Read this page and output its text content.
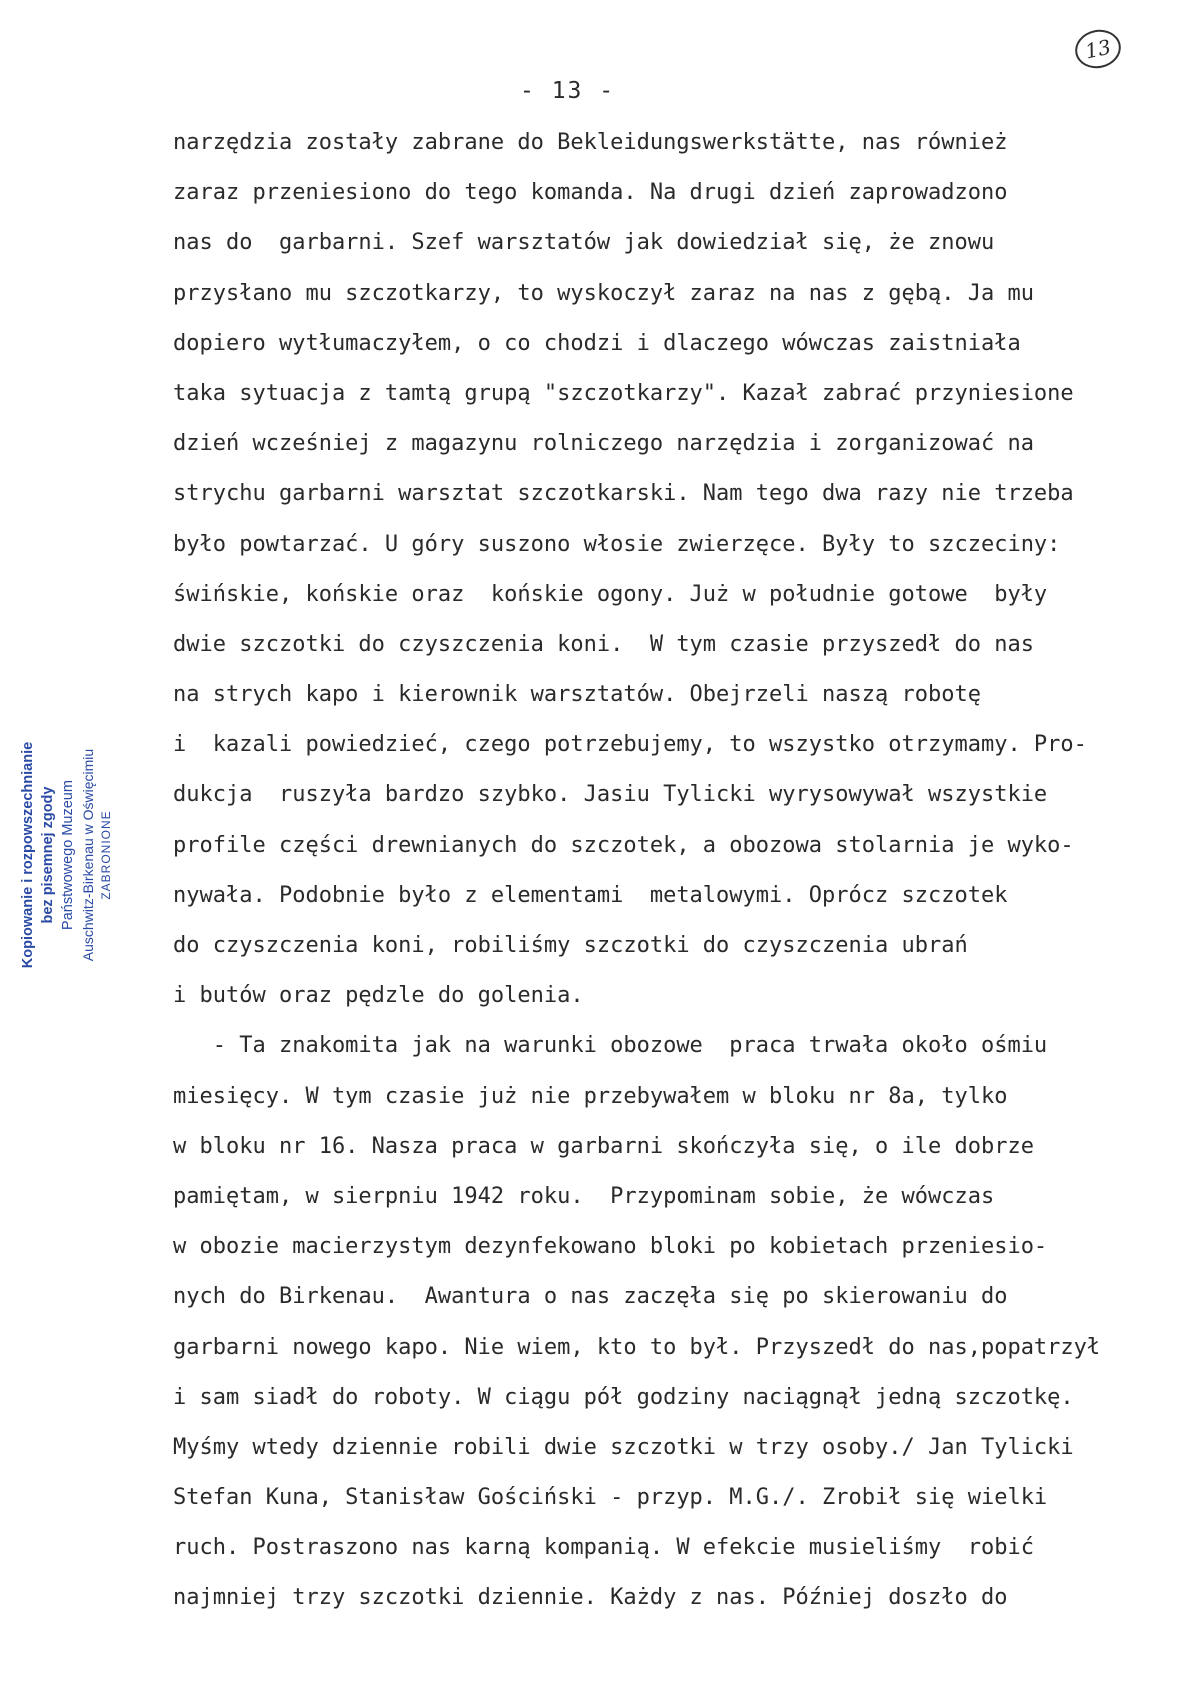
- 13 -
13
narzędzia zostały zabrane do Bekleidungswerkstätte, nas również
zaraz przeniesiono do tego komanda. Na drugi dzień zaprowadzono
nas do  garbarni. Szef warsztatów jak dowiedział się, że znowu
przysłano mu szczotkarzy, to wyskoczył zaraz na nas z gębą. Ja mu
dopiero wytłumaczyłem, o co chodzi i dlaczego wówczas zaistniała
taka sytuacja z tamtą grupą "szczotkarzy". Kazał zabrać przyniesione
dzień wcześniej z magazynu rolniczego narzędzia i zorganizować na
strychu garbarni warsztat szczotkarski. Nam tego dwa razy nie trzeba
było powtarzać. U góry suszono włosie zwierzęce. Były to szczeciny:
świńskie, końskie oraz  końskie ogony. Już w południe gotowe  były
dwie szczotki do czyszczenia koni.  W tym czasie przyszedł do nas
na strych kapo i kierownik warsztatów. Obejrzeli naszą robotę
i  kazali powiedzieć, czego potrzebujemy, to wszystko otrzymamy. Pro-
dukcja  ruszyła bardzo szybko. Jasiu Tylicki wyrysowywał wszystkie
profile części drewnianych do szczotek, a obozowa stolarnia je wyko-
nywała. Podobnie było z elementami  metalowymi. Oprócz szczotek
do czyszczenia koni, robiliśmy szczotki do czyszczenia ubrań
i butów oraz pędzle do golenia.
- Ta znakomita jak na warunki obozowe  praca trwała około ośmiu
miesięcy. W tym czasie już nie przebywałem w bloku nr 8a, tylko
w bloku nr 16. Nasza praca w garbarni skończyła się, o ile dobrze
pamiętam, w sierpniu 1942 roku.  Przypominam sobie, że wówczas
w obozie macierzystym dezynfekowano bloki po kobietach przeniesio-
nych do Birkenau.  Awantura o nas zaczęła się po skierowaniu do
garbarni nowego kapo. Nie wiem, kto to był. Przyszedł do nas,popatrzył
i sam siadł do roboty. W ciągu pół godziny naciągnął jedną szczotkę.
Myśmy wtedy dziennie robili dwie szczotki w trzy osoby./ Jan Tylicki
Stefan Kuna, Stanisław Gościński - przyp. M.G./. Zrobił się wielki
ruch. Postraszono nas karną kompanią. W efekcie musieliśmy  robić
najmniej trzy szczotki dziennie. Każdy z nas. Później doszło do
Kopiowanie i rozpowszechnianie bez pisemnej zgody Państwowego Muzeum Auschwitz-Birkenau w Oświęcimiu ZABRONIONE
